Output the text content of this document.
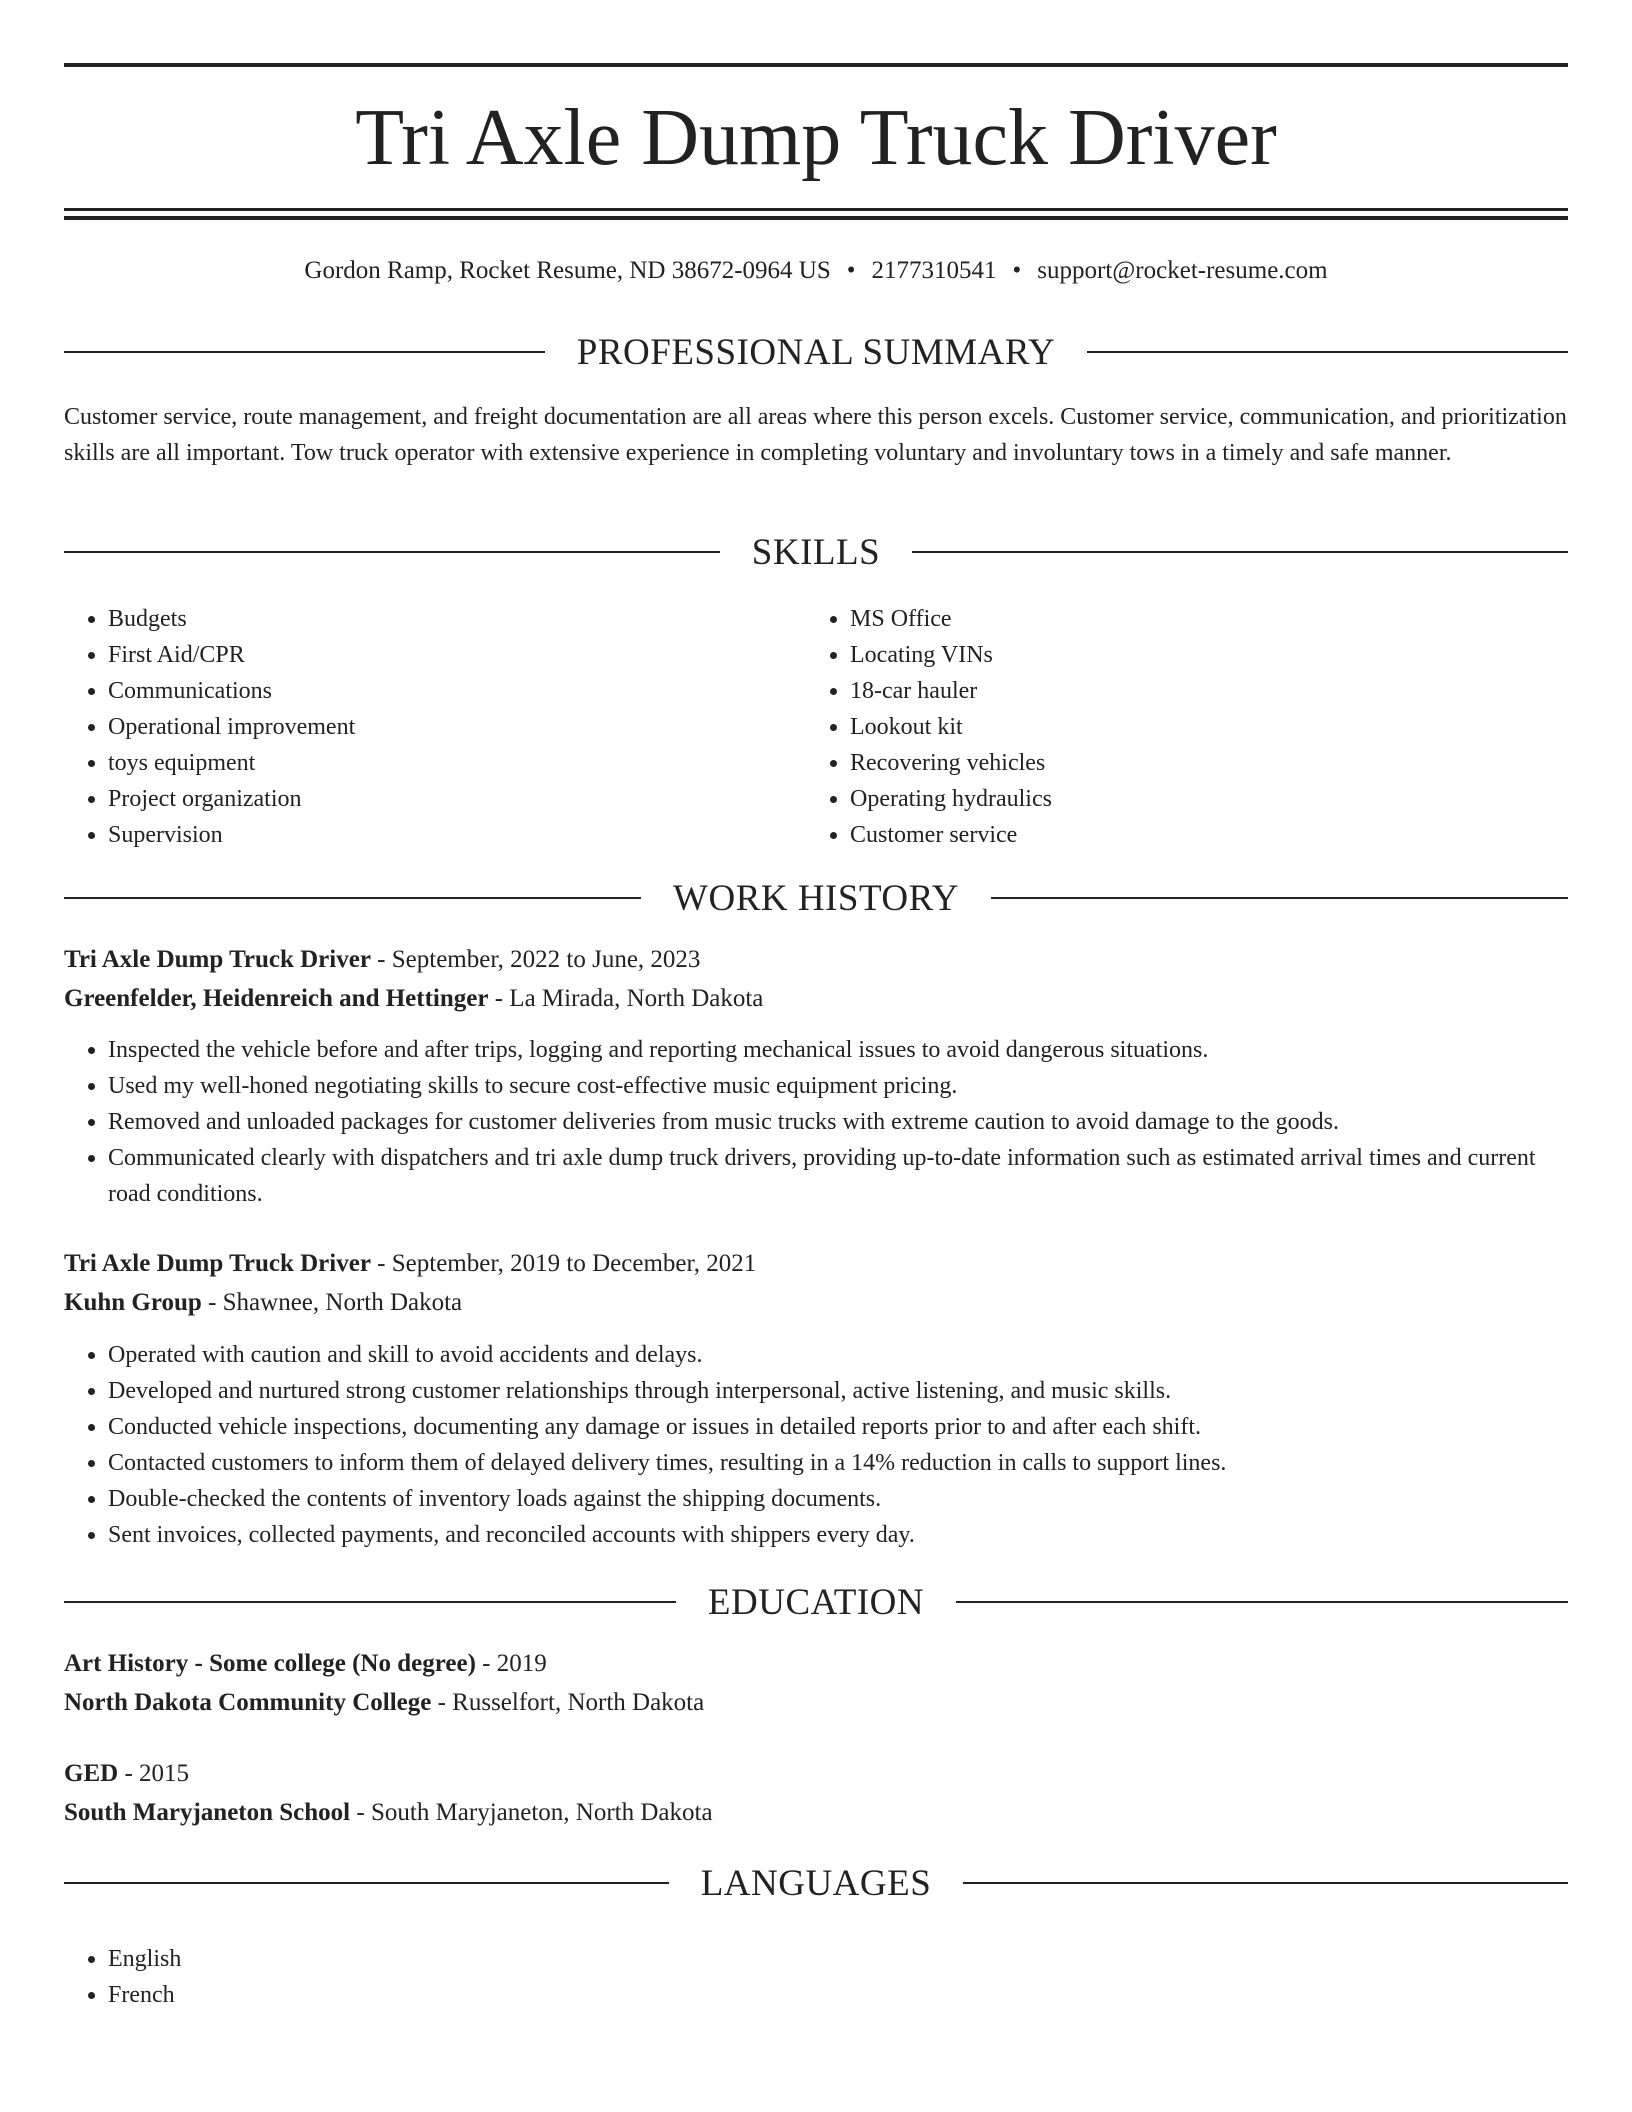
Tri Axle Dump Truck Driver
Gordon Ramp, Rocket Resume, ND 38672-0964 US • 2177310541 • support@rocket-resume.com
PROFESSIONAL SUMMARY

Customer service, route management, and freight documentation are all areas where this person excels. Customer service, communication, and prioritization skills are all important. Tow truck operator with extensive experience in completing voluntary and involuntary tows in a timely and safe manner.

SKILLS
• Budgets
• First Aid/CPR
• Communications
• Operational improvement
• toys equipment
• Project organization
• Supervision
• MS Office
• Locating VINs
• 18-car hauler
• Lookout kit
• Recovering vehicles
• Operating hydraulics
• Customer service
WORK HISTORY
Tri Axle Dump Truck Driver - September, 2022 to June, 2023
Greenfelder, Heidenreich and Hettinger - La Mirada, North Dakota
• Inspected the vehicle before and after trips, logging and reporting mechanical issues to avoid dangerous situations.
• Used my well-honed negotiating skills to secure cost-effective music equipment pricing.
• Removed and unloaded packages for customer deliveries from music trucks with extreme caution to avoid damage to the goods.
• Communicated clearly with dispatchers and tri axle dump truck drivers, providing up-to-date information such as estimated arrival times and current road conditions.
Tri Axle Dump Truck Driver - September, 2019 to December, 2021
Kuhn Group - Shawnee, North Dakota
• Operated with caution and skill to avoid accidents and delays.
• Developed and nurtured strong customer relationships through interpersonal, active listening, and music skills.
• Conducted vehicle inspections, documenting any damage or issues in detailed reports prior to and after each shift.
• Contacted customers to inform them of delayed delivery times, resulting in a 14% reduction in calls to support lines.
• Double-checked the contents of inventory loads against the shipping documents.
• Sent invoices, collected payments, and reconciled accounts with shippers every day.
EDUCATION
Art History - Some college (No degree) - 2019
North Dakota Community College - Russelfort, North Dakota
GED - 2015
South Maryjaneton School - South Maryjaneton, North Dakota
LANGUAGES
• English
• French
